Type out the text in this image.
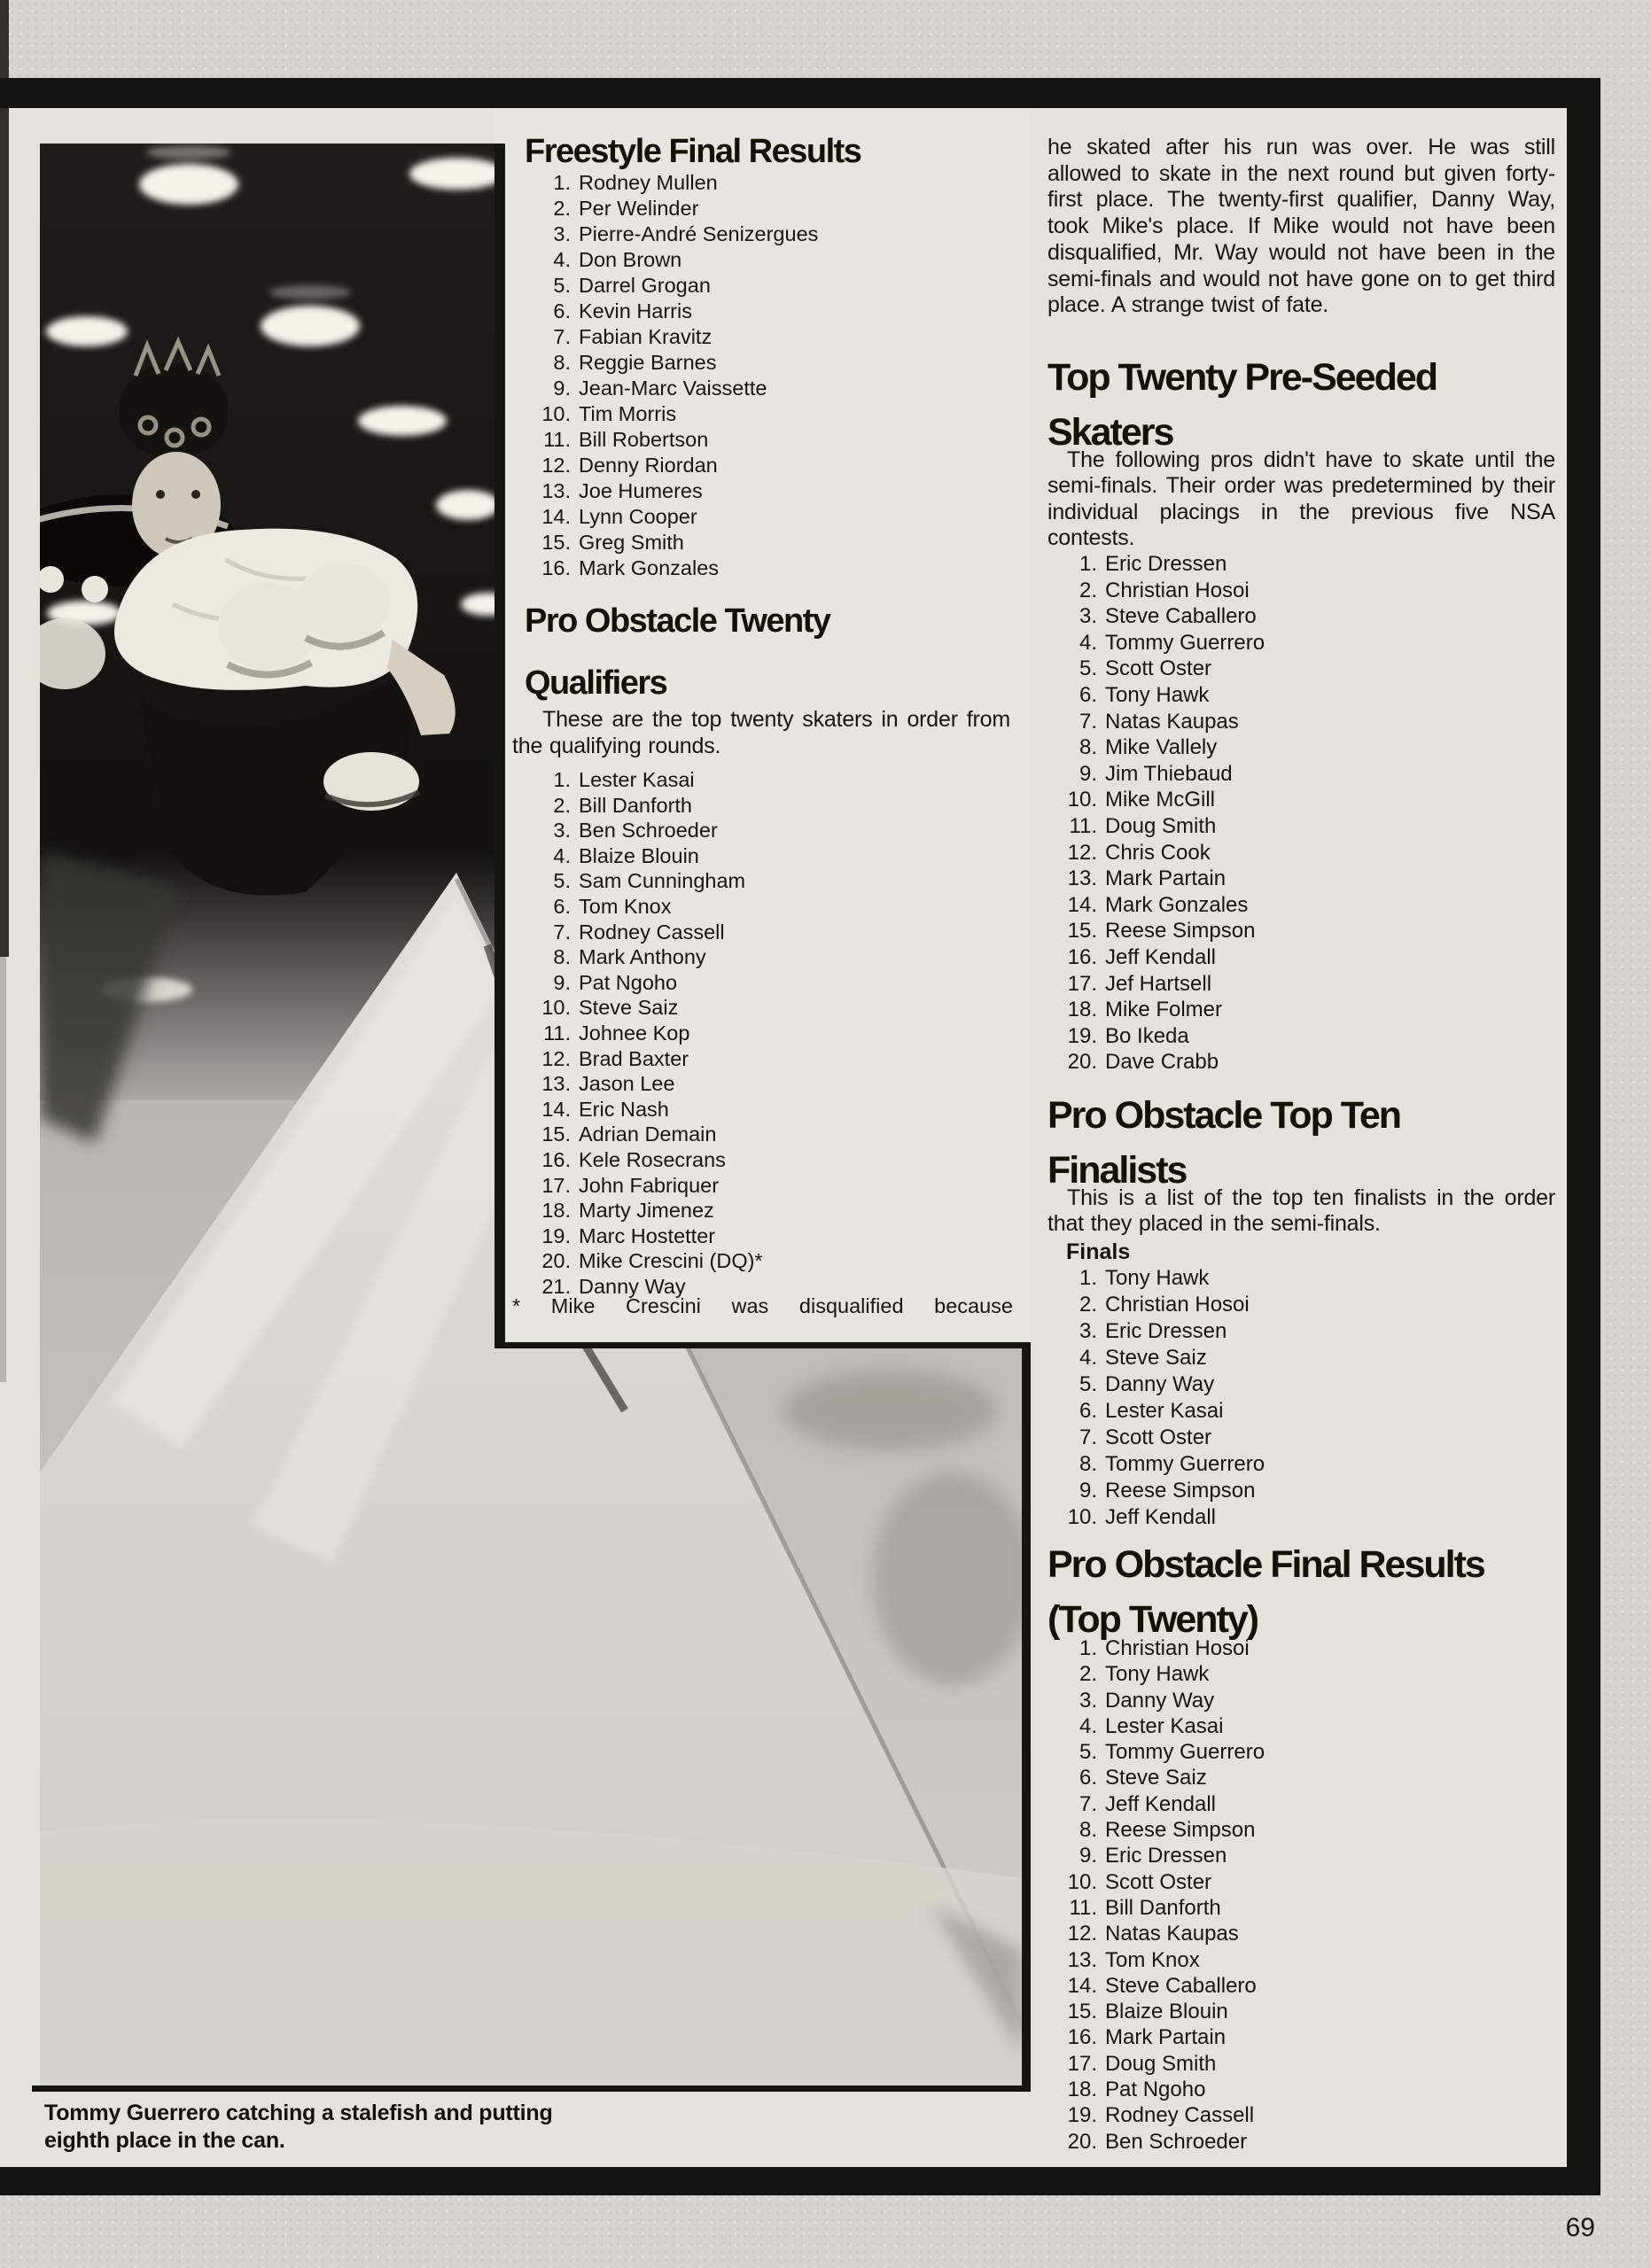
Freestyle Final Results
1. Rodney Mullen
2. Per Welinder
3. Pierre-André Senizergues
4. Don Brown
5. Darrel Grogan
6. Kevin Harris
7. Fabian Kravitz
8. Reggie Barnes
9. Jean-Marc Vaissette
10. Tim Morris
11. Bill Robertson
12. Denny Riordan
13. Joe Humeres
14. Lynn Cooper
15. Greg Smith
16. Mark Gonzales
Pro Obstacle Twenty
Qualifiers

These are the top twenty skaters in order from the qualifying rounds.

1. Lester Kasai
2. Bill Danforth
3. Ben Schroeder
4. Blaize Blouin
5. Sam Cunningham
6. Tom Knox
7. Rodney Cassell
8. Mark Anthony
9. Pat Ngoho
10. Steve Saiz
11. Johnee Kop
12. Brad Baxter
13. Jason Lee
14. Eric Nash
15. Adrian Demain
16. Kele Rosecrans
17. John Fabriquer
18. Marty Jimenez
19. Marc Hostetter
20. Mike Crescini (DQ)*
21. Danny Way

* Mike Crescini was disqualified because

he skated after his run was over. He was still allowed to skate in the next round but given forty-first place. The twenty-first qualifier, Danny Way, took Mike's place. If Mike would not have been disqualified, Mr. Way would not have been in the semi-finals and would not have gone on to get third place. A strange twist of fate.

Top Twenty Pre-Seeded
Skaters

The following pros didn't have to skate until the semi-finals. Their order was predetermined by their individual placings in the previous five NSA contests.

1. Eric Dressen
2. Christian Hosoi
3. Steve Caballero
4. Tommy Guerrero
5. Scott Oster
6. Tony Hawk
7. Natas Kaupas
8. Mike Vallely
9. Jim Thiebaud
10. Mike McGill
11. Doug Smith
12. Chris Cook
13. Mark Partain
14. Mark Gonzales
15. Reese Simpson
16. Jeff Kendall
17. Jef Hartsell
18. Mike Folmer
19. Bo Ikeda
20. Dave Crabb
Pro Obstacle Top Ten
Finalists

This is a list of the top ten finalists in the order that they placed in the semi-finals.

Finals
1. Tony Hawk
2. Christian Hosoi
3. Eric Dressen
4. Steve Saiz
5. Danny Way
6. Lester Kasai
7. Scott Oster
8. Tommy Guerrero
9. Reese Simpson
10. Jeff Kendall
Pro Obstacle Final Results
(Top Twenty)
1. Christian Hosoi
2. Tony Hawk
3. Danny Way
4. Lester Kasai
5. Tommy Guerrero
6. Steve Saiz
7. Jeff Kendall
8. Reese Simpson
9. Eric Dressen
10. Scott Oster
11. Bill Danforth
12. Natas Kaupas
13. Tom Knox
14. Steve Caballero
15. Blaize Blouin
16. Mark Partain
17. Doug Smith
18. Pat Ngoho
19. Rodney Cassell
20. Ben Schroeder

Tommy Guerrero catching a stalefish and putting eighth place in the can.

69
